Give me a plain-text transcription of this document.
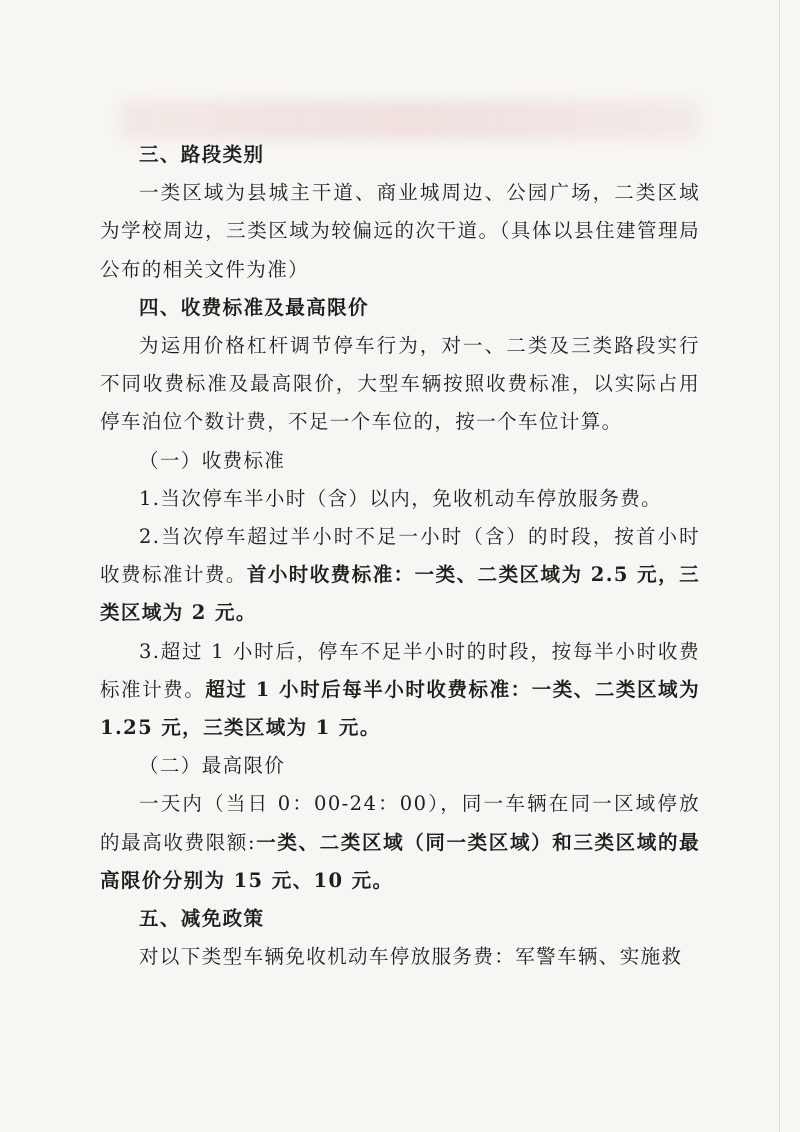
三、路段类别

一类区域为县城主干道、商业城周边、公园广场，二类区域为学校周边，三类区域为较偏远的次干道。（具体以县住建管理局公布的相关文件为准）

四、收费标准及最高限价

为运用价格杠杆调节停车行为，对一、二类及三类路段实行不同收费标准及最高限价，大型车辆按照收费标准，以实际占用停车泊位个数计费，不足一个车位的，按一个车位计算。

（一）收费标准

1.当次停车半小时（含）以内，免收机动车停放服务费。

2.当次停车超过半小时不足一小时（含）的时段，按首小时收费标准计费。首小时收费标准：一类、二类区域为 2.5 元，三类区域为 2 元。

3.超过 1 小时后，停车不足半小时的时段，按每半小时收费标准计费。超过 1 小时后每半小时收费标准：一类、二类区域为 1.25 元，三类区域为 1 元。

（二）最高限价

一天内（当日 0：00-24：00），同一车辆在同一区域停放的最高收费限额:一类、二类区域（同一类区域）和三类区域的最高限价分别为 15 元、10 元。

五、减免政策

对以下类型车辆免收机动车停放服务费：军警车辆、实施救
